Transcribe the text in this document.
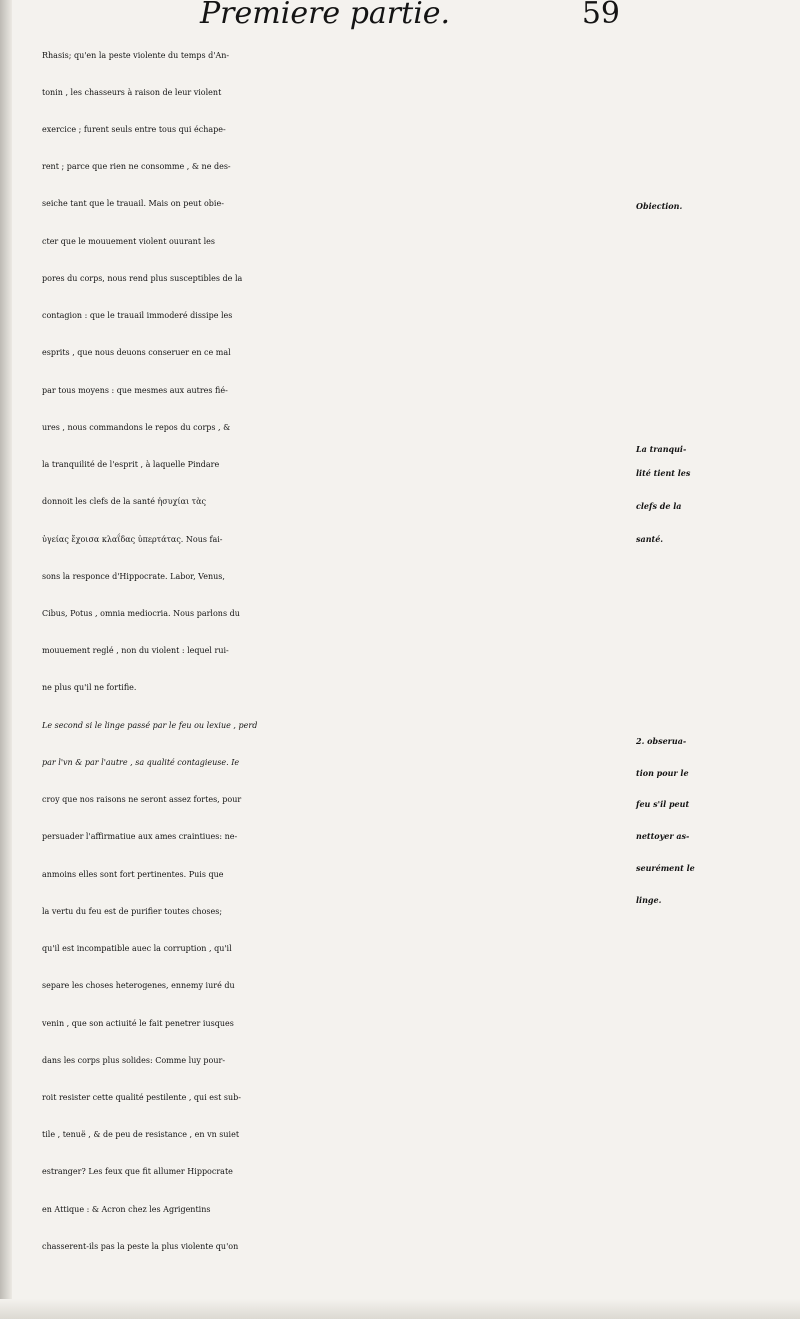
Premiere partie.	59
Rhasis; qu'en la peste violente du temps d'An-
tonin , les chasseurs à raison de leur violent
exercice ; furent seuls entre tous qui échape-
rent ; parce que rien ne consomme , & ne des-
seiche tant que le trauail. Mais on peut obie-
cter que le mouuement violent ouurant les
pores du corps, nous rend plus susceptibles de la
contagion : que le trauail immoderé dissipe les
esprits , que nous deuons conseruer en ce mal
par tous moyens : que mesmes aux autres fié-
ures , nous commandons le repos du corps , &
la tranquilité de l'esprit , à laquelle Pindare
donnoit les clefs de la santé ἡσυχίαι τὰς
ὑγείας ἔχοισα κλαΐδας ὑπερτάτας. Nous fai-
sons la responce d'Hippocrate. Labor, Venus,
Cibus, Potus , omnia mediocria. Nous parlons du
mouuement reglé , non du violent : lequel rui-
ne plus qu'il ne fortifie.
Le second si le linge passé par le feu ou lexiue , perd
par l'vn & par l'autre , sa qualité contagieuse. Ie
croy que nos raisons ne seront assez fortes, pour
persuader l'affirmatiue aux ames craintiues: ne-
anmoins elles sont fort pertinentes. Puis que
la vertu du feu est de purifier toutes choses;
qu'il est incompatible auec la corruption , qu'il
separe les choses heterogenes, ennemy iuré du
venin , que son actiuité le fait penetrer iusques
dans les corps plus solides: Comme luy pour-
roit resister cette qualité pestilente , qui est sub-
tile , tenuë , & de peu de resistance , en vn suiet
estranger? Les feux que fit allumer Hippocrate
en Attique : & Acron chez les Agrigentins
chasserent-ils pas la peste la plus violente qu'on
Obiection.
La tranqui-
lité tient les
clefs de la
santé.
2. obserua-
tion pour le
feu s'il peut
nettoyer as-
seurément le
linge.
